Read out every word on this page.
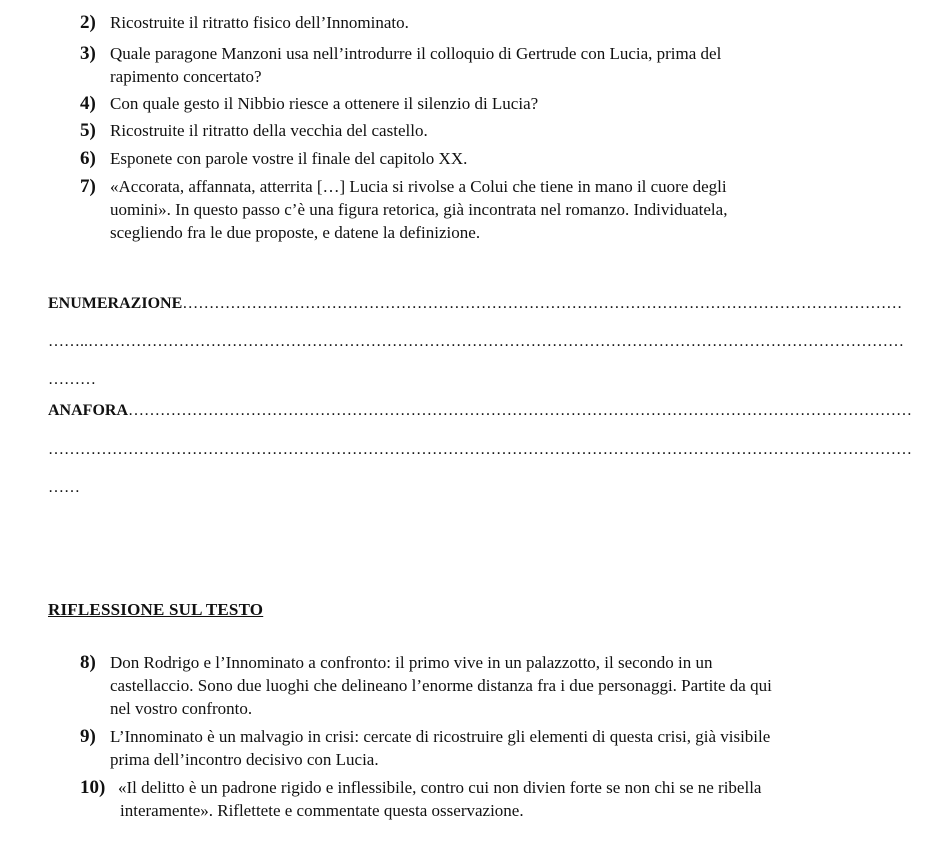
2) Ricostruite il ritratto fisico dell’Innominato.
3) Quale paragone Manzoni usa nell’introdurre il colloquio di Gertrude con Lucia, prima del
rapimento concertato?
4) Con quale gesto il Nibbio riesce a ottenere il silenzio di Lucia?
5) Ricostruite il ritratto della vecchia del castello.
6) Esponete con parole vostre il finale del capitolo XX.
7) «Accorata, affannata, atterrita […] Lucia si rivolse a Colui che tiene in mano il cuore degli
uomini». In questo passo c’è una figura retorica, già incontrata nel romanzo. Individuatela,
scegliendo fra le due proposte, e datene la definizione.
ENUMERAZIONE………………………………………………………………………………………………………………………
……..………………………………………………………………………………………………………………………………………
………
ANAFORA…………………………………………………………………………………………………………………………………
………………………………………………………………………………………………………………………………………………
……
RIFLESSIONE SUL TESTO
8) Don Rodrigo e l’Innominato a confronto: il primo vive in un palazzotto, il secondo in un
castellaccio. Sono due luoghi che delineano l’enorme distanza fra i due personaggi. Partite da qui
nel vostro confronto.
9) L’Innominato è un malvagio in crisi: cercate di ricostruire gli elementi di questa crisi, già visibile
prima dell’incontro decisivo con Lucia.
10) «Il delitto è un padrone rigido e inflessibile, contro cui non divien forte se non chi se ne ribella
interamente». Riflettete e commentate questa osservazione.
